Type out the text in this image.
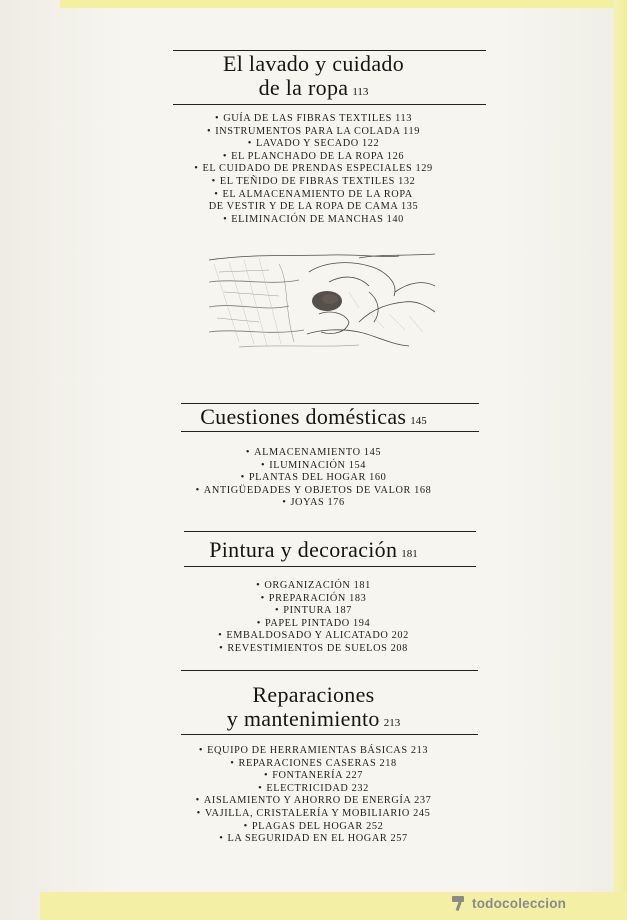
El lavado y cuidado
de la ropa 113
• GUÍA DE LAS FIBRAS TEXTILES 113
• INSTRUMENTOS PARA LA COLADA 119
• LAVADO Y SECADO 122
• EL PLANCHADO DE LA ROPA 126
• EL CUIDADO DE PRENDAS ESPECIALES 129
• EL TEÑIDO DE FIBRAS TEXTILES 132
• EL ALMACENAMIENTO DE LA ROPA
DE VESTIR Y DE LA ROPA DE CAMA 135
• ELIMINACIÓN DE MANCHAS 140
Cuestiones domésticas 145
• ALMACENAMIENTO 145
• ILUMINACIÓN 154
• PLANTAS DEL HOGAR 160
• ANTIGÜEDADES Y OBJETOS DE VALOR 168
• JOYAS 176
Pintura y decoración 181
• ORGANIZACIÓN 181
• PREPARACIÓN 183
• PINTURA 187
• PAPEL PINTADO 194
• EMBALDOSADO Y ALICATADO 202
• REVESTIMIENTOS DE SUELOS 208
Reparaciones
y mantenimiento 213
• EQUIPO DE HERRAMIENTAS BÁSICAS 213
• REPARACIONES CASERAS 218
• FONTANERÍA 227
• ELECTRICIDAD 232
• AISLAMIENTO Y AHORRO DE ENERGÍA 237
• VAJILLA, CRISTALERÍA Y MOBILIARIO 245
• PLAGAS DEL HOGAR 252
• LA SEGURIDAD EN EL HOGAR 257
todocoleccion
